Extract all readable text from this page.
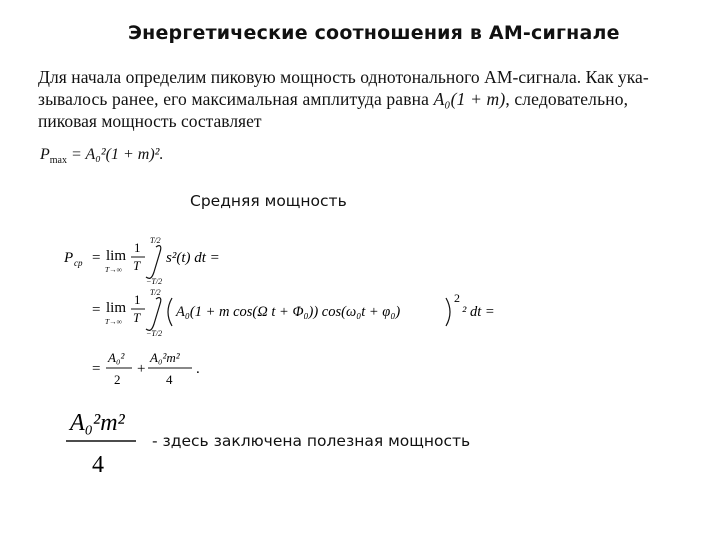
Энергетические соотношения в АМ-сигнале
Для начала определим пиковую мощность однотонального АМ-сигнала. Как ука-
зывалось ранее, его максимальная амплитуда равна A₀(1 + m), следовательно,
пиковая мощность составляет
$P_{max} = A_0^2(1 + m)^2$.
Средняя мощность
P ср = lim
T→∞
1
T
T/2
−T/2
s²(t) dt =
= lim
T→∞
1
T
T/2
−T/2
A₀(1 + m cos(Ω t + Φ₀)) cos(ω₀t + φ₀)
2
² dt =
=
A₀²
2
+
A₀²m²
4
.
A₀²m²
4
- здесь заключена полезная мощность
